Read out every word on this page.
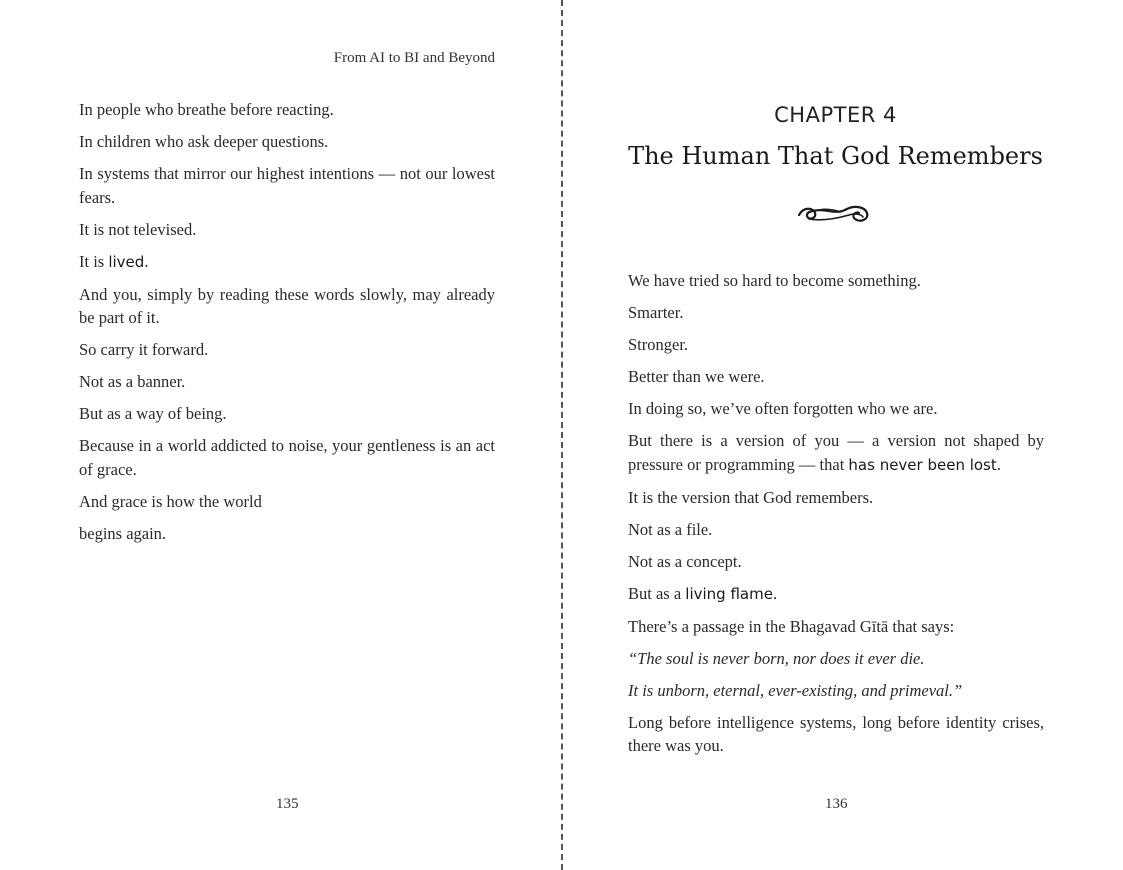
From AI to BI and Beyond

In people who breathe before reacting.

In children who ask deeper questions.

In systems that mirror our highest intentions — not our lowest fears.

It is not televised.

It is lived.

And you, simply by reading these words slowly, may already be part of it.

So carry it forward.

Not as a banner.

But as a way of being.

Because in a world addicted to noise, your gentleness is an act of grace.

And grace is how the world

begins again.

135
CHAPTER 4
The Human That God Remembers

We have tried so hard to become something.

Smarter.

Stronger.

Better than we were.

In doing so, we’ve often forgotten who we are.

But there is a version of you — a version not shaped by pressure or programming — that has never been lost.

It is the version that God remembers.

Not as a file.

Not as a concept.

But as a living flame.

There’s a passage in the Bhagavad Gītā that says:

“The soul is never born, nor does it ever die.

It is unborn, eternal, ever-existing, and primeval.”

Long before intelligence systems, long before identity crises, there was you.

136
